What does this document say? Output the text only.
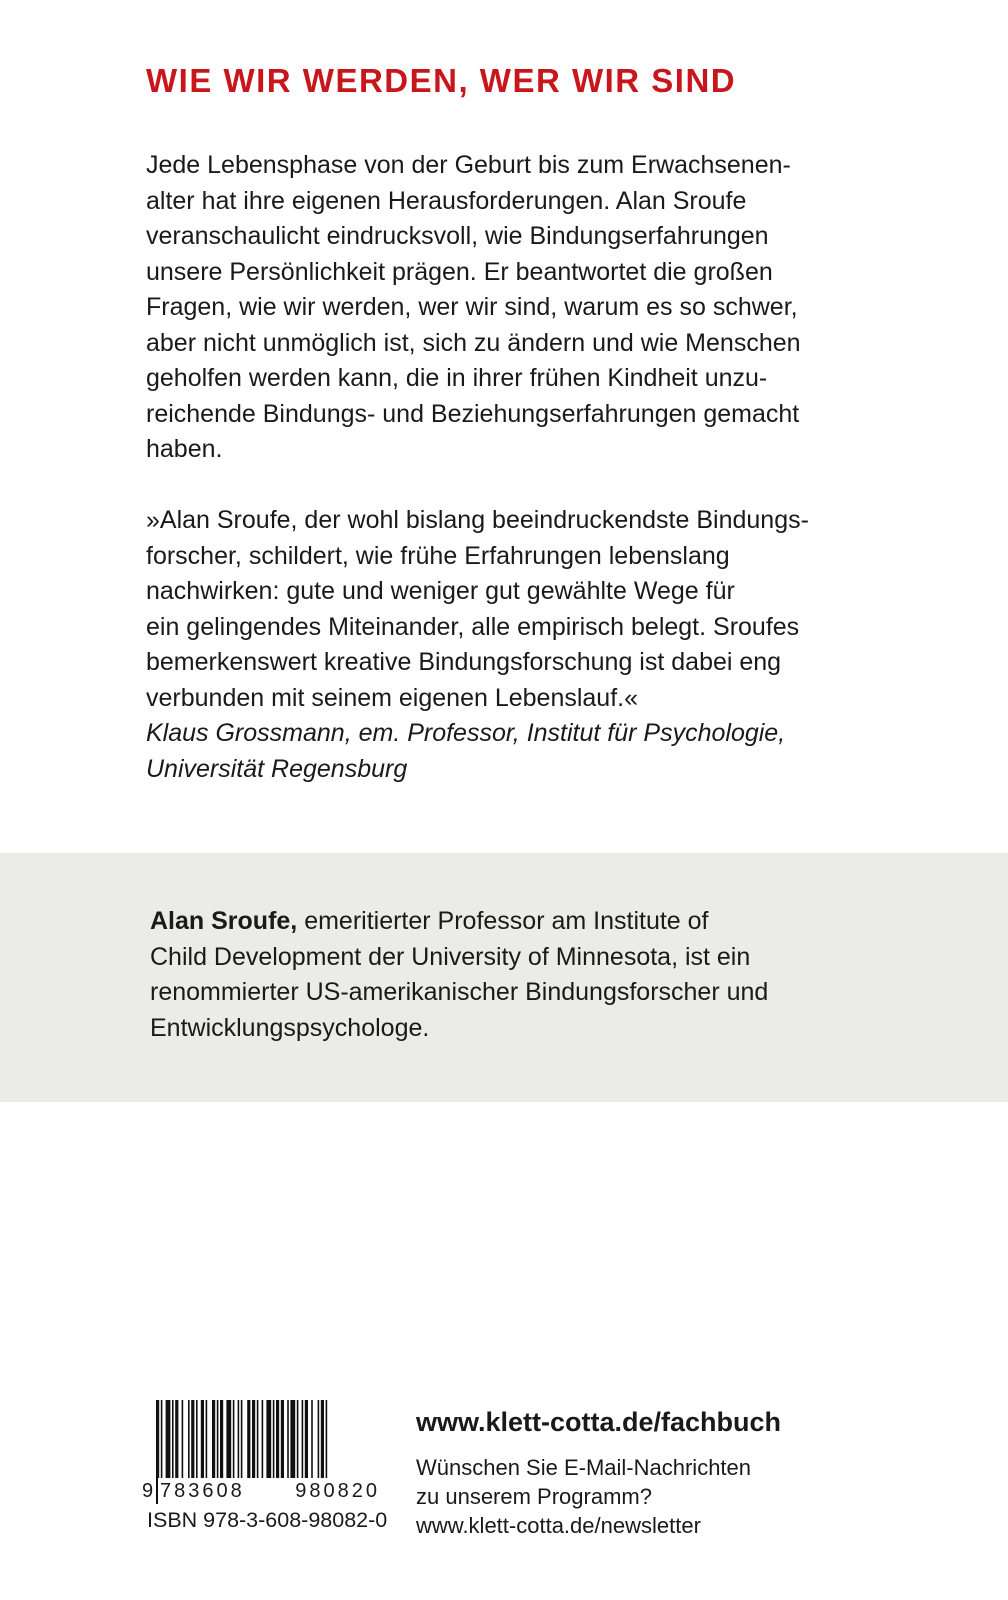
WIE WIR WERDEN, WER WIR SIND
Jede Lebensphase von der Geburt bis zum Erwachsenen-
alter hat ihre eigenen Herausforderungen. Alan Sroufe
veranschaulicht eindrucksvoll, wie Bindungserfahrungen
unsere Persönlichkeit prägen. Er beantwortet die großen
Fragen, wie wir werden, wer wir sind, warum es so schwer,
aber nicht unmöglich ist, sich zu ändern und wie Menschen
geholfen werden kann, die in ihrer frühen Kindheit unzu-
reichende Bindungs- und Beziehungserfahrungen gemacht
haben.
»Alan Sroufe, der wohl bislang beeindruckendste Bindungs-
forscher, schildert, wie frühe Erfahrungen lebenslang
nachwirken: gute und weniger gut gewählte Wege für
ein gelingendes Miteinander, alle empirisch belegt. Sroufes
bemerkenswert kreative Bindungsforschung ist dabei eng
verbunden mit seinem eigenen Lebenslauf.«
Klaus Grossmann, em. Professor, Institut für Psychologie,
Universität Regensburg
Alan Sroufe, emeritierter Professor am Institute of
Child Development der University of Minnesota, ist ein
renommierter US-amerikanischer Bindungsforscher und
Entwicklungspsychologe.
9 783608	980820
ISBN 978-3-608-98082-0
www.klett-cotta.de/fachbuch
Wünschen Sie E-Mail-Nachrichten
zu unserem Programm?
www.klett-cotta.de/newsletter
